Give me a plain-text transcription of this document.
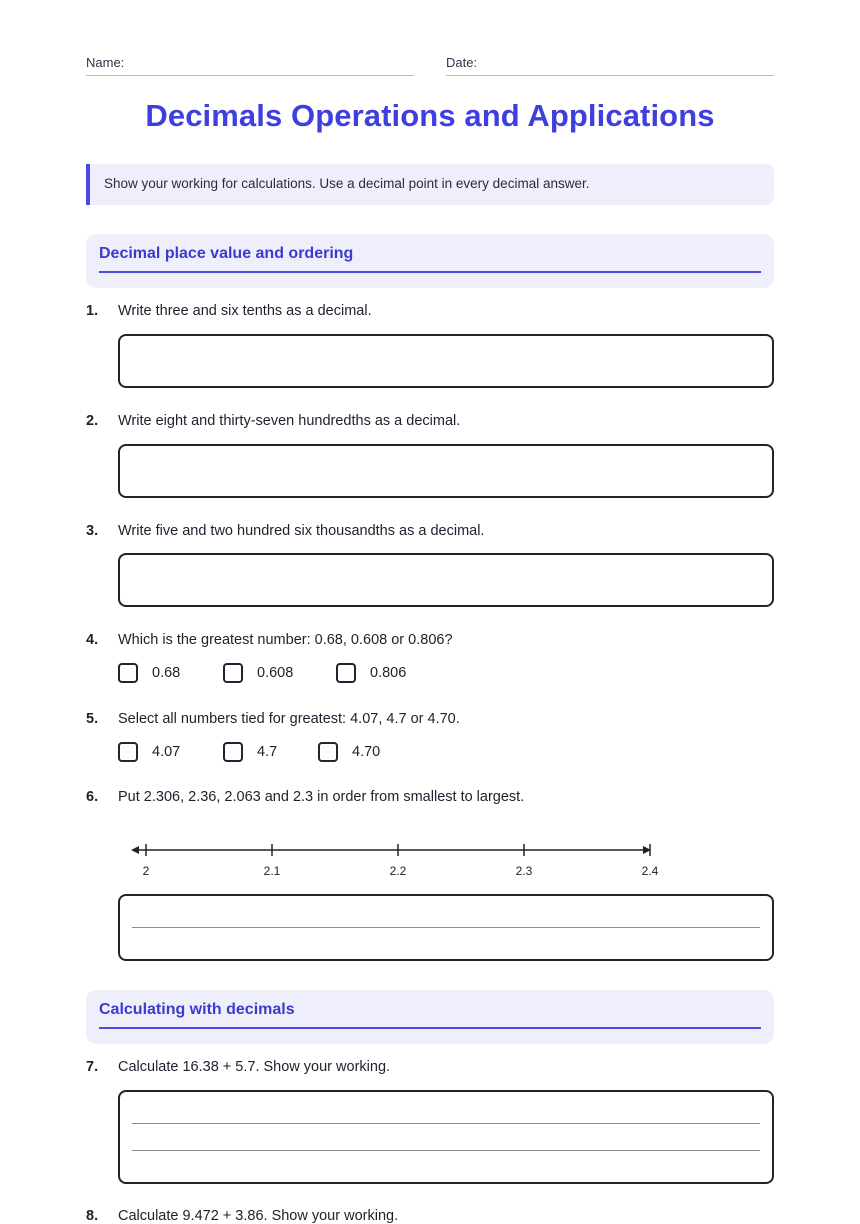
Name:	Date:
Decimals Operations and Applications
Show your working for calculations. Use a decimal point in every decimal answer.
Decimal place value and ordering
1. Write three and six tenths as a decimal.
2. Write eight and thirty-seven hundredths as a decimal.
3. Write five and two hundred six thousandths as a decimal.
4. Which is the greatest number: 0.68, 0.608 or 0.806?
0.68	0.608	0.806
5. Select all numbers tied for greatest: 4.07, 4.7 or 4.70.
4.07	4.7	4.70
6. Put 2.306, 2.36, 2.063 and 2.3 in order from smallest to largest.
2	2.1	2.2	2.3	2.4
Calculating with decimals
7. Calculate 16.38 + 5.7. Show your working.
8. Calculate 9.472 + 3.86. Show your working.
